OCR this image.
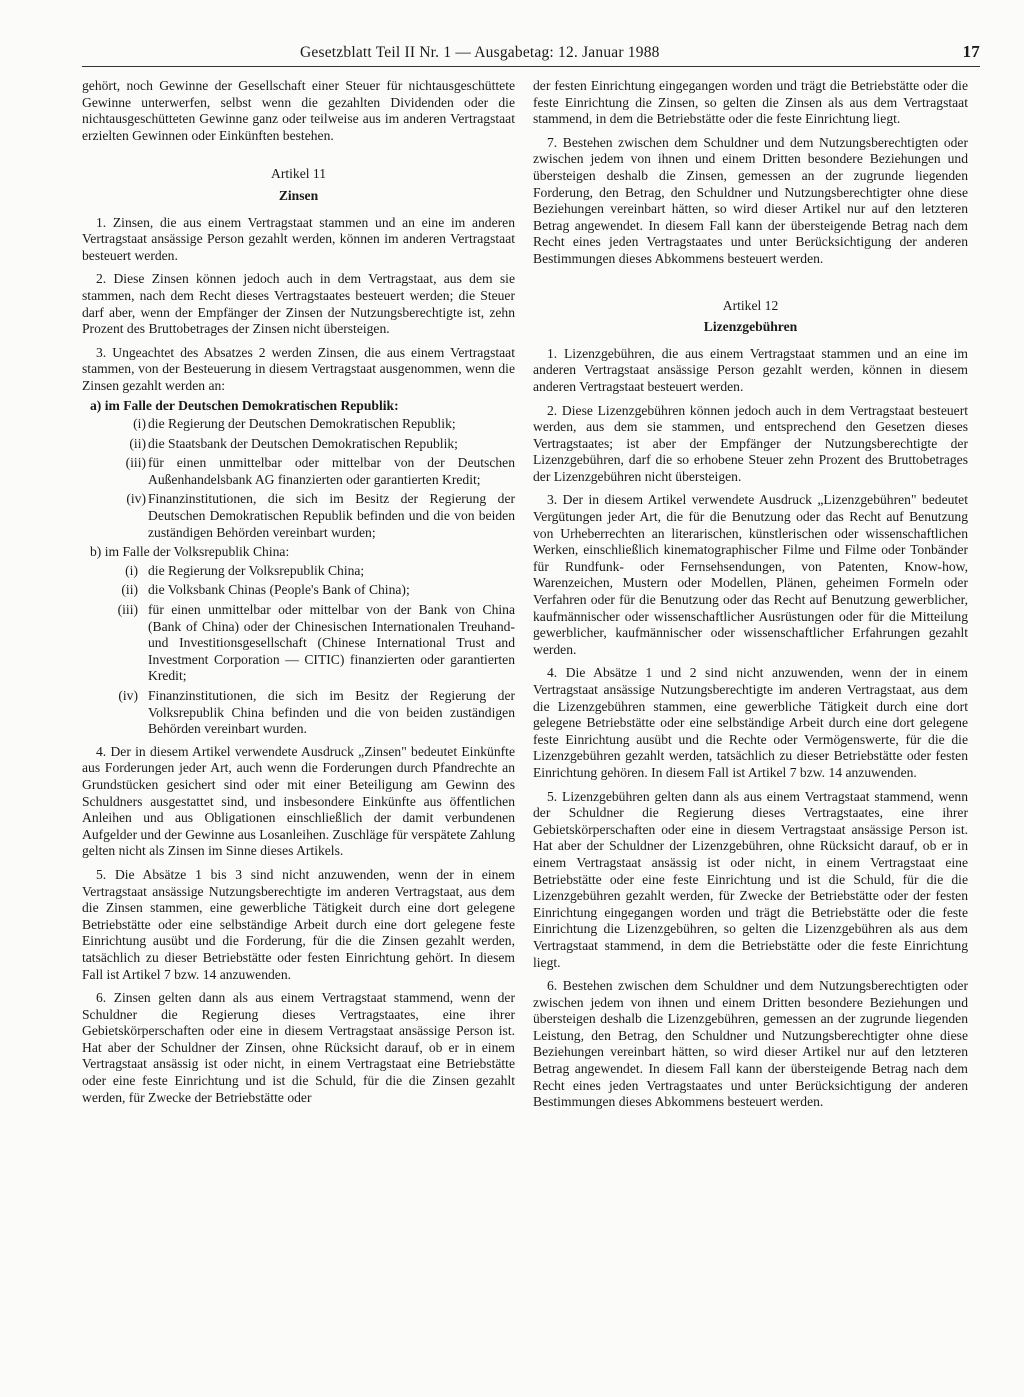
Gesetzblatt Teil II Nr. 1 — Ausgabetag: 12. Januar 1988	17

gehört, noch Gewinne der Gesellschaft einer Steuer für nichtausgeschüttete Gewinne unterwerfen, selbst wenn die gezahlten Dividenden oder die nichtausgeschütteten Gewinne ganz oder teilweise aus im anderen Vertragstaat erzielten Gewinnen oder Einkünften bestehen.

Artikel 11
Zinsen

1. Zinsen, die aus einem Vertragstaat stammen und an eine im anderen Vertragstaat ansässige Person gezahlt werden, können im anderen Vertragstaat besteuert werden.

2. Diese Zinsen können jedoch auch in dem Vertragstaat, aus dem sie stammen, nach dem Recht dieses Vertragstaates besteuert werden; die Steuer darf aber, wenn der Empfänger der Zinsen der Nutzungsberechtigte ist, zehn Prozent des Bruttobetrages der Zinsen nicht übersteigen.

3. Ungeachtet des Absatzes 2 werden Zinsen, die aus einem Vertragstaat stammen, von der Besteuerung in diesem Vertragstaat ausgenommen, wenn die Zinsen gezahlt werden an:

a) im Falle der Deutschen Demokratischen Republik:
(i) die Regierung der Deutschen Demokratischen Republik;
(ii) die Staatsbank der Deutschen Demokratischen Republik;
(iii) für einen unmittelbar oder mittelbar von der Deutschen Außenhandelsbank AG finanzierten oder garantierten Kredit;
(iv) Finanzinstitutionen, die sich im Besitz der Regierung der Deutschen Demokratischen Republik befinden und die von beiden zuständigen Behörden vereinbart wurden;
b) im Falle der Volksrepublik China:
(i) die Regierung der Volksrepublik China;
(ii) die Volksbank Chinas (People's Bank of China);
(iii) für einen unmittelbar oder mittelbar von der Bank von China (Bank of China) oder der Chinesischen Internationalen Treuhand- und Investitionsgesellschaft (Chinese International Trust and Investment Corporation — CITIC) finanzierten oder garantierten Kredit;
(iv) Finanzinstitutionen, die sich im Besitz der Regierung der Volksrepublik China befinden und die von beiden zuständigen Behörden vereinbart wurden.

4. Der in diesem Artikel verwendete Ausdruck „Zinsen" bedeutet Einkünfte aus Forderungen jeder Art, auch wenn die Forderungen durch Pfandrechte an Grundstücken gesichert sind oder mit einer Beteiligung am Gewinn des Schuldners ausgestattet sind, und insbesondere Einkünfte aus öffentlichen Anleihen und aus Obligationen einschließlich der damit verbundenen Aufgelder und der Gewinne aus Losanleihen. Zuschläge für verspätete Zahlung gelten nicht als Zinsen im Sinne dieses Artikels.

5. Die Absätze 1 bis 3 sind nicht anzuwenden, wenn der in einem Vertragstaat ansässige Nutzungsberechtigte im anderen Vertragstaat, aus dem die Zinsen stammen, eine gewerbliche Tätigkeit durch eine dort gelegene Betriebstätte oder eine selbständige Arbeit durch eine dort gelegene feste Einrichtung ausübt und die Forderung, für die die Zinsen gezahlt werden, tatsächlich zu dieser Betriebstätte oder festen Einrichtung gehört. In diesem Fall ist Artikel 7 bzw. 14 anzuwenden.

6. Zinsen gelten dann als aus einem Vertragstaat stammend, wenn der Schuldner die Regierung dieses Vertragstaates, eine ihrer Gebietskörperschaften oder eine in diesem Vertragstaat ansässige Person ist. Hat aber der Schuldner der Zinsen, ohne Rücksicht darauf, ob er in einem Vertragstaat ansässig ist oder nicht, in einem Vertragstaat eine Betriebstätte oder eine feste Einrichtung und ist die Schuld, für die die Zinsen gezahlt werden, für Zwecke der Betriebstätte oder

der festen Einrichtung eingegangen worden und trägt die Betriebstätte oder die feste Einrichtung die Zinsen, so gelten die Zinsen als aus dem Vertragstaat stammend, in dem die Betriebstätte oder die feste Einrichtung liegt.

7. Bestehen zwischen dem Schuldner und dem Nutzungsberechtigten oder zwischen jedem von ihnen und einem Dritten besondere Beziehungen und übersteigen deshalb die Zinsen, gemessen an der zugrunde liegenden Forderung, den Betrag, den Schuldner und Nutzungsberechtigter ohne diese Beziehungen vereinbart hätten, so wird dieser Artikel nur auf den letzteren Betrag angewendet. In diesem Fall kann der übersteigende Betrag nach dem Recht eines jeden Vertragstaates und unter Berücksichtigung der anderen Bestimmungen dieses Abkommens besteuert werden.

Artikel 12
Lizenzgebühren

1. Lizenzgebühren, die aus einem Vertragstaat stammen und an eine im anderen Vertragstaat ansässige Person gezahlt werden, können in diesem anderen Vertragstaat besteuert werden.

2. Diese Lizenzgebühren können jedoch auch in dem Vertragstaat besteuert werden, aus dem sie stammen, und entsprechend den Gesetzen dieses Vertragstaates; ist aber der Empfänger der Nutzungsberechtigte der Lizenzgebühren, darf die so erhobene Steuer zehn Prozent des Bruttobetrages der Lizenzgebühren nicht übersteigen.

3. Der in diesem Artikel verwendete Ausdruck „Lizenzgebühren" bedeutet Vergütungen jeder Art, die für die Benutzung oder das Recht auf Benutzung von Urheberrechten an literarischen, künstlerischen oder wissenschaftlichen Werken, einschließlich kinematographischer Filme und Filme oder Tonbänder für Rundfunk- oder Fernsehsendungen, von Patenten, Know-how, Warenzeichen, Mustern oder Modellen, Plänen, geheimen Formeln oder Verfahren oder für die Benutzung oder das Recht auf Benutzung gewerblicher, kaufmännischer oder wissenschaftlicher Ausrüstungen oder für die Mitteilung gewerblicher, kaufmännischer oder wissenschaftlicher Erfahrungen gezahlt werden.

4. Die Absätze 1 und 2 sind nicht anzuwenden, wenn der in einem Vertragstaat ansässige Nutzungsberechtigte im anderen Vertragstaat, aus dem die Lizenzgebühren stammen, eine gewerbliche Tätigkeit durch eine dort gelegene Betriebstätte oder eine selbständige Arbeit durch eine dort gelegene feste Einrichtung ausübt und die Rechte oder Vermögenswerte, für die die Lizenzgebühren gezahlt werden, tatsächlich zu dieser Betriebstätte oder festen Einrichtung gehören. In diesem Fall ist Artikel 7 bzw. 14 anzuwenden.

5. Lizenzgebühren gelten dann als aus einem Vertragstaat stammend, wenn der Schuldner die Regierung dieses Vertragstaates, eine ihrer Gebietskörperschaften oder eine in diesem Vertragstaat ansässige Person ist. Hat aber der Schuldner der Lizenzgebühren, ohne Rücksicht darauf, ob er in einem Vertragstaat ansässig ist oder nicht, in einem Vertragstaat eine Betriebstätte oder eine feste Einrichtung und ist die Schuld, für die die Lizenzgebühren gezahlt werden, für Zwecke der Betriebstätte oder der festen Einrichtung eingegangen worden und trägt die Betriebstätte oder die feste Einrichtung die Lizenzgebühren, so gelten die Lizenzgebühren als aus dem Vertragstaat stammend, in dem die Betriebstätte oder die feste Einrichtung liegt.

6. Bestehen zwischen dem Schuldner und dem Nutzungsberechtigten oder zwischen jedem von ihnen und einem Dritten besondere Beziehungen und übersteigen deshalb die Lizenzgebühren, gemessen an der zugrunde liegenden Leistung, den Betrag, den Schuldner und Nutzungsberechtigter ohne diese Beziehungen vereinbart hätten, so wird dieser Artikel nur auf den letzteren Betrag angewendet. In diesem Fall kann der übersteigende Betrag nach dem Recht eines jeden Vertragstaates und unter Berücksichtigung der anderen Bestimmungen dieses Abkommens besteuert werden.
